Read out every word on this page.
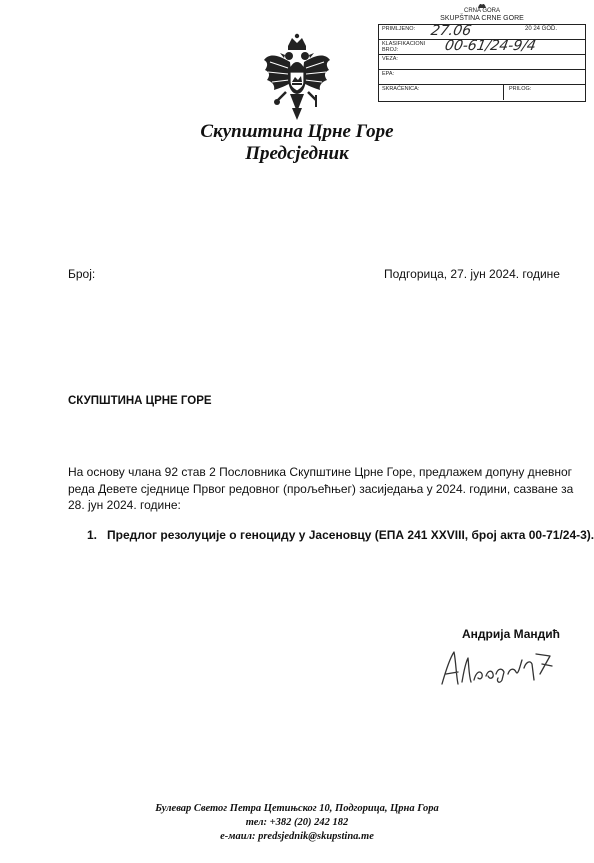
Скупштина Црне Горе
Предсједник
CRNA GORA
SKUPŠTINA CRNE GORE
PRIMLJENO: 27.06	20 24 GOD.
KLASIFIKACIONI BROJ:	00-61/24-9/4
VEZA:
EPA:
SKRAĆENICA:	PRILOG:
Број:	Подгорица, 27. јун 2024. године
СКУПШТИНА ЦРНЕ ГОРЕ
На основу члана 92 став 2 Пословника Скупштине Црне Горе, предлажем допуну дневног
реда Девете сједнице Првог редовног (прољећњег) засиједања у 2024. години, сазване за
28. јун 2024. године:
1. Предлог резолуције о геноциду у Јасеновцу (ЕПА 241 XXVIII, број акта 00-71/24-3).
Андрија Мандић
Булевар Светог Петра Цетињског 10, Подгорица, Црна Гора
тел: +382 (20) 242 182
е-маил: predsjednik@skupstina.me
